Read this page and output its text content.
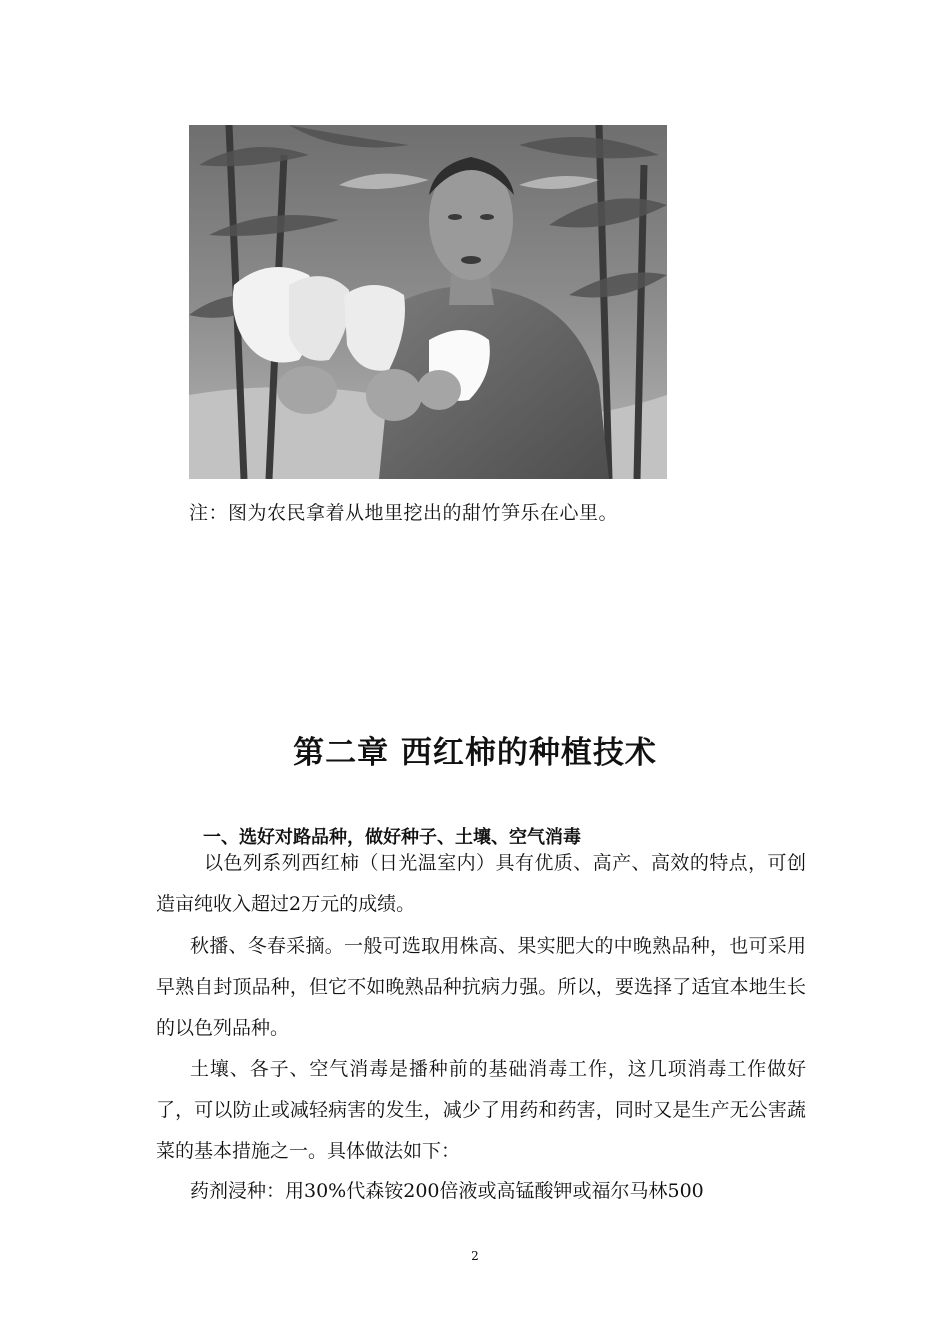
注：图为农民拿着从地里挖出的甜竹笋乐在心里。
第二章 西红柿的种植技术
一、选好对路品种，做好种子、土壤、空气消毒
以色列系列西红柿（日光温室内）具有优质、高产、高效的特点，可创造亩纯收入超过2万元的成绩。
秋播、冬春采摘。一般可选取用株高、果实肥大的中晚熟品种，也可采用早熟自封顶品种，但它不如晚熟品种抗病力强。所以，要选择了适宜本地生长的以色列品种。
土壤、各子、空气消毒是播种前的基础消毒工作，这几项消毒工作做好了，可以防止或减轻病害的发生，减少了用药和药害，同时又是生产无公害蔬菜的基本措施之一。具体做法如下：
药剂浸种：用30%代森铵200倍液或高锰酸钾或福尔马林500
2
